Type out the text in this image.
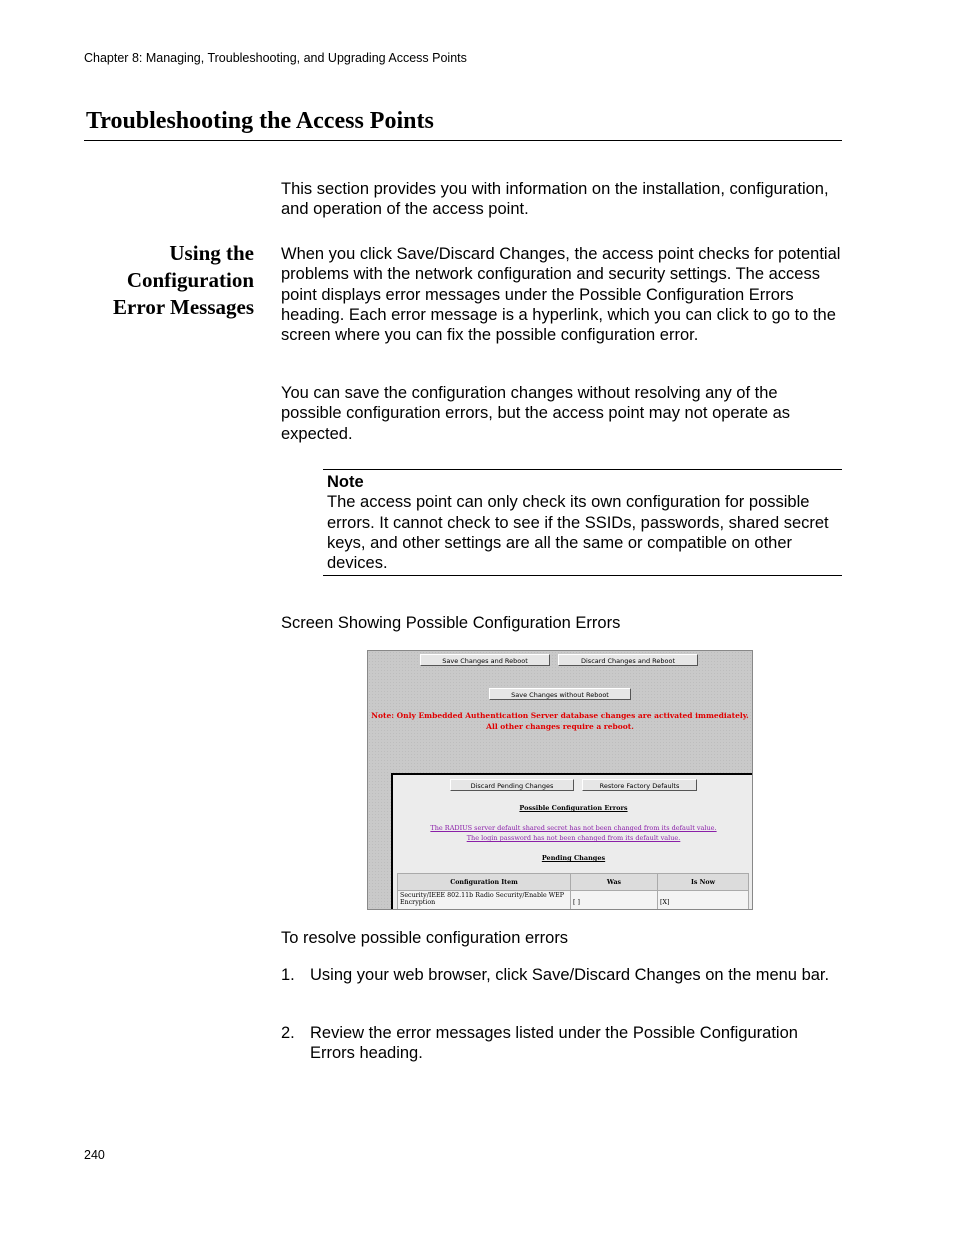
Chapter 8: Managing, Troubleshooting, and Upgrading Access Points
Troubleshooting the Access Points
This section provides you with information on the installation, configuration, and operation of the access point.
Using the Configuration Error Messages
When you click Save/Discard Changes, the access point checks for potential problems with the network configuration and security settings. The access point displays error messages under the Possible Configuration Errors heading. Each error message is a hyperlink, which you can click to go to the screen where you can fix the possible configuration error.
You can save the configuration changes without resolving any of the possible configuration errors, but the access point may not operate as expected.
Note
The access point can only check its own configuration for possible errors. It cannot check to see if the SSIDs, passwords, shared secret keys, and other settings are all the same or compatible on other devices.
Screen Showing Possible Configuration Errors
Save Changes and Reboot	Discard Changes and Reboot
Save Changes without Reboot
Note: Only Embedded Authentication Server database changes are activated immediately.
All other changes require a reboot.
Discard Pending Changes	Restore Factory Defaults
Possible Configuration Errors
The RADIUS server default shared secret has not been changed from its default value.
The login password has not been changed from its default value.
Pending Changes
Configuration Item	Was	Is Now
Security/IEEE 802.11b Radio Security/Enable WEP Encryption	[ ]	[X]
To resolve possible configuration errors
1. Using your web browser, click Save/Discard Changes on the menu bar.
2. Review the error messages listed under the Possible Configuration Errors heading.
240
